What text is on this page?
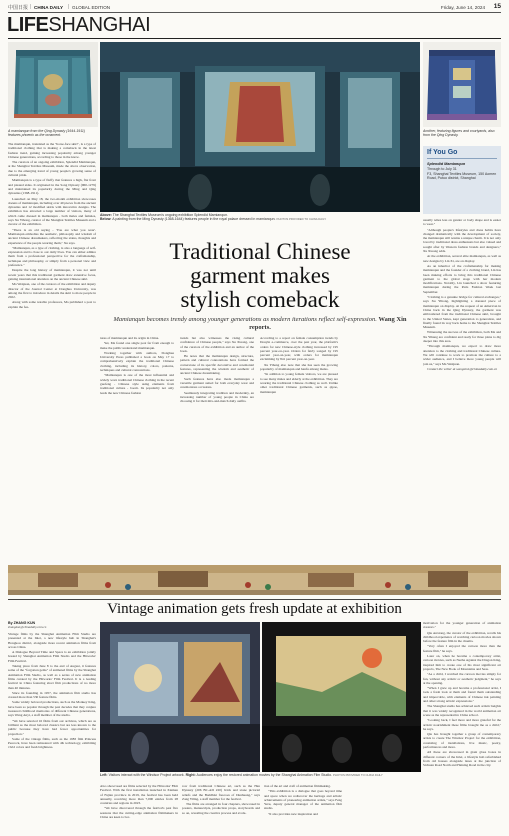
中国日报 | CHINA DAILY | GLOBAL EDITION	Friday, June 14, 2024 15
LIFESHANGHAI
A mamianqun from the Qing Dynasty (1644-1911) features phoenix as the ornament.
Above: The Shanghai Textiles Museum's ongoing exhibition Splendid Mamianqun.
Below: A painting from the Ming Dynasty (1368-1644) features people in the royal palace dressed in mamianqun. PHOTOS PROVIDED TO CHINA DAILY
Another, featuring figures and courtyards, also from the Qing Dynasty.
If You Go
Splendid Mamianqun
Through to July 31
F3, Shanghai Textiles Museum, 150 Aomen Road, Putuo district, Shanghai

The mamianqun, translated as the "horse-face skirt", is a type of traditional clothing that is making a comeback in the latest fashion trend, gaining increasing popularity among younger Chinese generations, according to those in the know.

The curators of an ongoing exhibition, Splendid Mamianqun, at the Shanghai Textiles Museum, made the above observation, due to the emerging trend of young people's growing sense of cultural pride.

Mamianqun is a type of fluffy that features a high, flat front and pleated sides. It originated in the Song Dynasty (960-1279) and maintained its popularity during the Ming and Qing dynasties (1368-1911).

Launched on May 18, the two-month exhibition showcases dozens of mamianqun, including over 40 pieces from the ancient dynasties and 12 modified skirts with innovative designs. The exhibition has attracted a large number of visitors, many of which came dressed in mamianqun - both males and females, says Xu Yihong, curator of the Shanghai Textiles Museum and a curator of the exhibition.

"There is an old saying - 'You are what you wear'. Mamianqun embodies the aesthetic, philosophy and wisdom of ancient Chinese dressmakers, reflecting the status, thoughts and experience of the people wearing them," Xu says.

"Mamianqun, as a type of clothing, is also a language of self-expression and is close to our daily lives. You can either admire them from a professional perspective for the craftsmanship, technique and philosophy, or simply from a personal view and preference."

Despite the long history of mamianqun, it was not until recent years that this traditional garment drew extensive focus, gaining international attention on the ancient Chinese skirt.

Ma Wenjuan, one of the curators of the exhibition and deputy director of the Journal Center at Donghua University, was among the first to introduce in details the skirt to more people in 2022.

Along with some notable professors, Ma published a post to explain the fea-

Traditional Chinese
garment makes
stylish comeback
Mamianqun becomes trendy among younger generations as modern iterations reflect self-expression. Wang Xin reports.

tures of mamianqun and its origin in China.

Yet, Ma found one single post far from enough to make the public understand mamianqun.

Working together with authors, Donghua University Press published a book on May 17 to comprehensively explain the traditional Chinese clothing, including its history, colors, patterns, techniques and cultural connotations.

"Mamianqun is one of the most influential and widely worn traditional Chinese clothing in the recent guofeng - Chinese style using elements from traditional culture - boom. Its popularity not only leads the new Chinese fashion

trends but also witnesses the rising cultural confidence of Chinese people," says Xu Xiaong, one of the curators of the exhibition and an author of the book.

He notes that the mamianqun design, structure, pattern and cultural connotations have formed the cornerstone of its specific decorative and ceremonial features, representing the wisdom and aesthetic of ancient Chinese dressmaking.

Such features have also made mamianqun a versatile garment suited for both everyday wear and ceremonious occasions.

Seamlessly integrating tradition and modernity, an increasing number of young people in China are choosing it for their mix-and-match daily outfits.

According to a report on female consumption trends by Douyin e-commerce, over the past year, the platform's orders for new Chinese-style clothing increased by 195 percent year-on-year. Orders for fairly songed by 195 percent year-on-year, with orders for mamianqun exclaiming by 841 percent year-on-year.

Xu Yihang also note that she has seen the growing popularity of mamianqun and hanfu among males.

"In addition to young female visitors, we are pleased to see many males and elderly at the exhibition. They are wearing the traditional Chinese clothing as well. Unlike other traditional Chinese garments, such as qipao, mamianqun

usually relies less on gender or body shape and is easier to wear."

"Although people's lifestyles and dress habits have changed dramatically with the development of society, the mamianqun still retains a unique charm. It is not only loved by traditional dress enthusiasts but also valued and sought after by Western fashion brands and designers," Xu Xiaong adds.

At the exhibition, several elite mamianqun, as well as new designs by Lin Xi, are on display.

As an inheritor of the craftsmanship for making mamianqun and the founder of a clothing brand, Lin has been making efforts to bring this traditional Chinese garment to the global stage with her modern modifications. Notably, Lin launched a show featuring mamianqun during the Paris Fashion Week last September.

"Clothing is a genuine bridge for cultural exchanges," says Xu Yihong, highlighting a donated piece of mamianqun on display. At the request of an American in China back in the Qing Dynasty, the garment was embroidered from the traditional Chinese skirt, brought to the United States, kept generation to generation, and finally found its way back home to the Shanghai Textiles Museum.

Witnessing the success of the exhibition, both Ma and Xu Yihang are confident and ready for three plans to dig deeper into this area.

"Through mamianqun, we expect to draw more attention to the clothing and traditional Chinese culture. We will continue to work to promote the culture to a wider audience, and I believe more young people will join us," says Ma Wenjuan.

Contact the writer at wangxin1@chinadaily.com.cn

Vintage animation gets fresh update at exhibition
By ZHANG KUN
zhangkun@chinadaily.com.cn

Vintage films by the Shanghai Animation Film Studio are presented at the Inlet, a new lifestyle hub in Shanghai's Hongkou district, alongside more recent animation films from across China.

A Dialogue Beyond Time and Space is an exhibition jointly hosted by Shanghai Animation Film Studio and the Hitworks' Film Festival.

Taking place from June 8 to the end of August, it features some of the "forgotten gems" of animated films by the Shanghai Animation Film Studio, as well as a series of new animation films curated by the Hitworks' Film Festival. It is a leading festival in China featuring short film productions of no more than 40 minutes.

Since its founding in 1957, the animation film studio has created more than 530 feature films.

Some widely beloved productions, such as the Monkey King, have been so popular through the past decades that they conjure treasured childhood memories of different Chinese generations, says Wang Anyi, a staff member of the studio.

"We have selected 16 films from our archives, which are as brilliant as the most beloved classics but are less known to the public because they have had fewer opportunities for projection."

Some of the vintage films, such as the 1983 film Princess Peacock, have been remastered with 4K technology, exhibiting vivid colors and fresh brightness.

Left: Visitors interact with the Windsor Project artwork. Right: Audiences enjoy the restored animation movies by the Shanghai Animation Film Studio. PHOTOS PROVIDED TO CHINA DAILY

Also showcased are films selected by the Hitworks' Film Festival. With the first installation launched in Xiamen of Fujian province in 2019, the festival has been held annually, receiving more than 7,000 entries from 28 countries and regions in 2023.

"We have discovered through the festival's past five sessions that the cutting-edge animation filmmakers in China are keen to bor-

row from traditional Chinese art, such as the Han Dynasty (206 BC-AD 220) brick and stone pictorial reliefs and the Buddhist frescoes of Dunhuang," says Zang Yiling, a staff member for the festival.

The films are arranged in four chapters, showcased in posters, manuscripts, production props, storyboards and so on, revealing the creative process and evolu-

tion of the art and craft of animation filmmaking.

"This exhibition is a dialogue that goes beyond time and space when we rediscover the heritage and artistic achievements of pioneering animation artists," says Feng Yeru, deputy general manager of the animation film studio.

"It also provides new inspiration and

motivation for the younger generation of animation creators."

Qiu Anxiong, the curator of the exhibition, recalls his childhood experience of watching cartoon movies shown before the feature film in the cinema.

"Very often I enjoyed the cartoon more than the feature film," he says.

Later on, when he became a contemporary artist, cartoon movies, such as Nezha Against the Dragon King, inspired him to create one of his most significant art projects, The New Book of Mountains and Seas.

"As a child, I watched the cartoon movies simply for fun, without any artistic or aesthetic judgment," he says at the opening.

"When I grew up and became a professional artist, I took a fresh look at them and found them outstanding and impeccable, with elements of Chinese ink painting and other strong artistic expressions."

The Shanghai studio has achieved such artistic heights that it was widely recognized in the world animation art scene as the representative China school.

"Looking back, I feel more and more grateful for the artistic nourishment these films brought me as a child," he says.

Qiu has brought together a group of contemporary artists to create The Windsor Project for the exhibition, consisting of installations, live music, poetry, performances and more.

All these are showcased in giant glass boxes in different corners of the Inlet, a lifestyle hub refurbished from old houses alongside lanes at the junction of Sichuan Road North and Haining Road in the city.
